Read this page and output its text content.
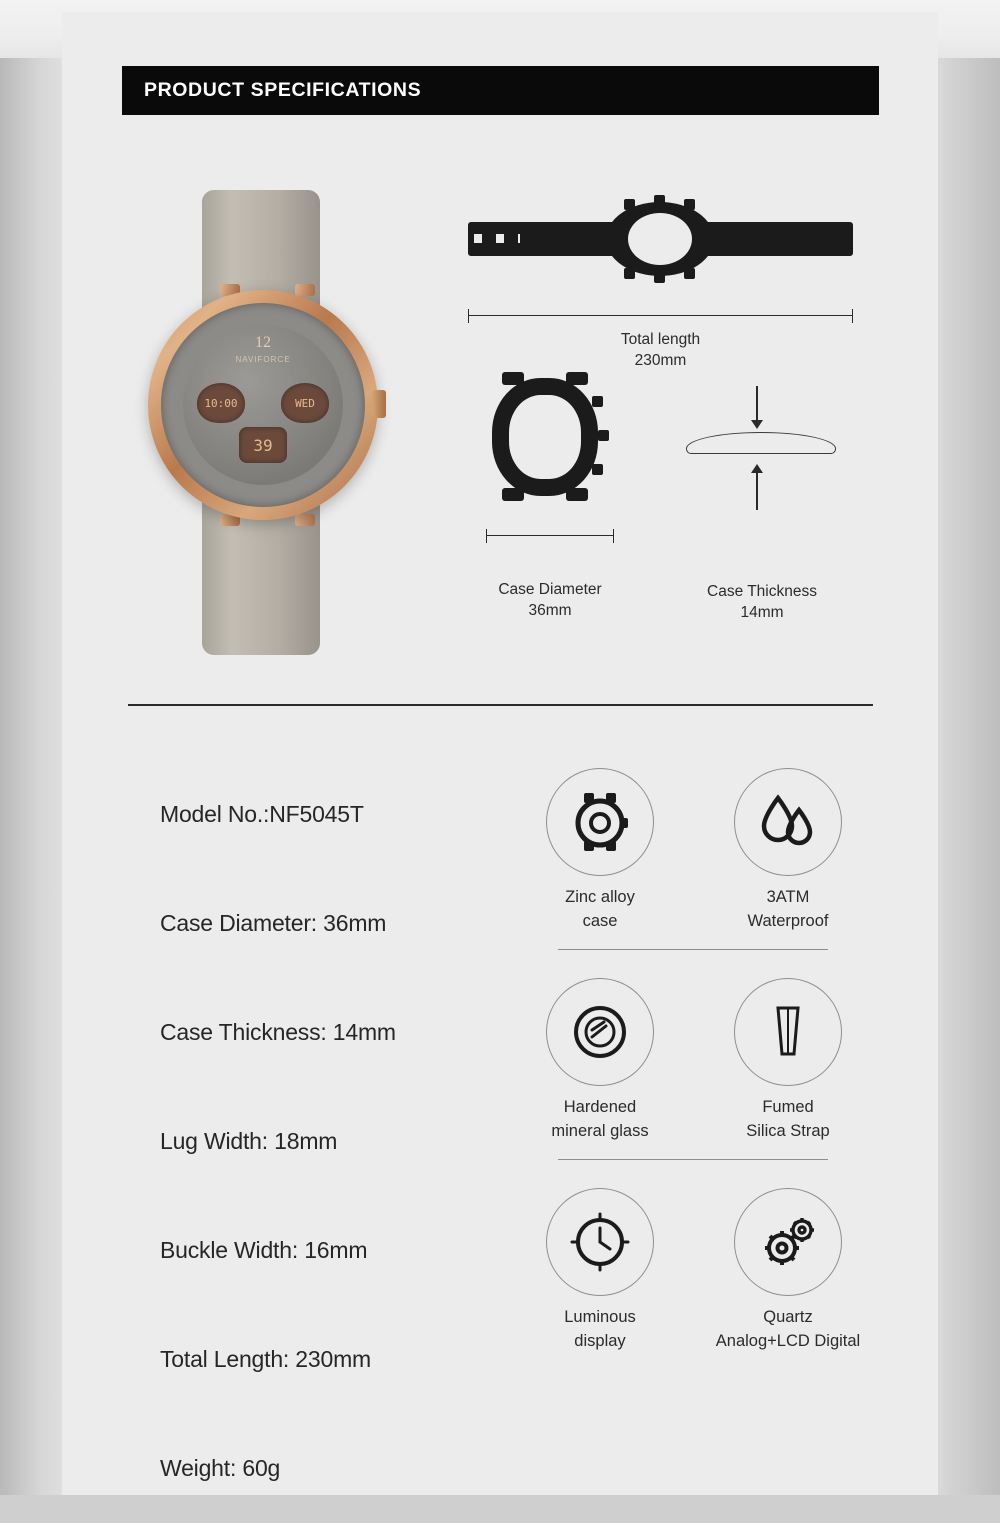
PRODUCT SPECIFICATIONS
12
NAVIFORCE
10:00	WED
39
Total length
230mm
Case Diameter
36mm
Case Thickness
14mm
Model No.:NF5045T
Case Diameter: 36mm
Case Thickness: 14mm
Lug Width: 18mm
Buckle Width: 16mm
Total Length: 230mm
Weight: 60g
Zinc alloy
case
3ATM
Waterproof
Hardened
mineral glass
Fumed
Silica Strap
Luminous
display
Quartz
Analog+LCD Digital
